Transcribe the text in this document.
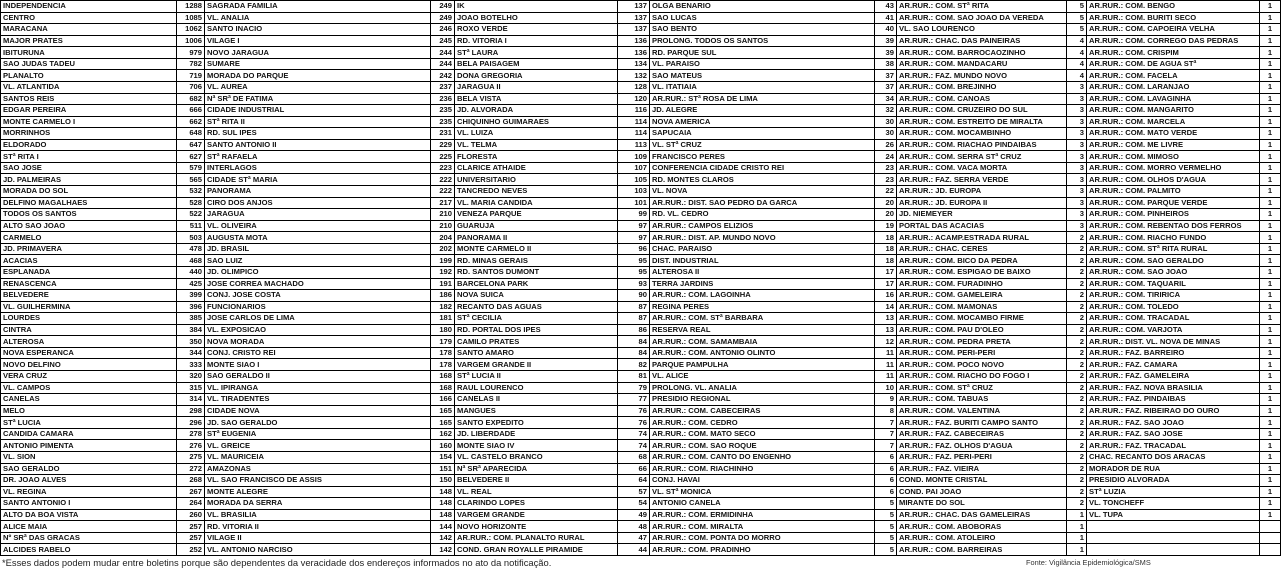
INDEPENDENCIA	1288	SAGRADA FAMILIA	249	IK	137	OLGA BENARIO	43	AR.RUR.: COM. STª RITA	5	AR.RUR.: COM. BENGO	1
CENTRO	1085	VL. ANALIA	249	JOAO BOTELHO	137	SAO LUCAS	41	AR.RUR.: COM. SAO JOAO DA VEREDA	5	AR.RUR.: COM. BURITI SECO	1
MARACANA	1062	SANTO INACIO	246	ROXO VERDE	137	SAO BENTO	40	VL. SAO LOURENCO	5	AR.RUR.: COM. CAPOEIRA VELHA	1
MAJOR PRATES	1006	VILAGE I	245	RD. VITORIA I	136	PROLONG. TODOS OS SANTOS	39	AR.RUR.: CHAC. DAS PAINEIRAS	4	AR.RUR.: COM. CORREGO DAS PEDRAS	1
IBITURUNA	979	NOVO JARAGUA	244	STª LAURA	136	RD. PARQUE SUL	39	AR.RUR.: COM. BARROCAOZINHO	4	AR.RUR.: COM. CRISPIM	1
SAO JUDAS TADEU	782	SUMARE	244	BELA PAISAGEM	134	VL. PARAISO	38	AR.RUR.: COM. MANDACARU	4	AR.RUR.: COM. DE AGUA STª	1
PLANALTO	719	MORADA DO PARQUE	242	DONA GREGORIA	132	SAO MATEUS	37	AR.RUR.: FAZ. MUNDO NOVO	4	AR.RUR.: COM. FACELA	1
VL. ATLANTIDA	706	VL. AUREA	237	JARAGUA II	128	VL. ITATIAIA	37	AR.RUR.: COM. BREJINHO	3	AR.RUR.: COM. LARANJAO	1
SANTOS REIS	682	Nª SRª DE FATIMA	236	BELA VISTA	120	AR.RUR.: STª ROSA DE LIMA	34	AR.RUR.: COM. CANOAS	3	AR.RUR.: COM. LAVAGINHA	1
EDGAR PEREIRA	666	CIDADE INDUSTRIAL	235	JD. ALVORADA	116	JD. ALEGRE	32	AR.RUR.: COM. CRUZEIRO DO SUL	3	AR.RUR.: COM. MANGARITO	1
MONTE CARMELO I	662	STª RITA II	235	CHIQUINHO GUIMARAES	114	NOVA AMERICA	30	AR.RUR.: COM. ESTREITO DE MIRALTA	3	AR.RUR.: COM. MARCELA	1
MORRINHOS	648	RD. SUL IPES	231	VL. LUIZA	114	SAPUCAIA	30	AR.RUR.: COM. MOCAMBINHO	3	AR.RUR.: COM. MATO VERDE	1
ELDORADO	647	SANTO ANTONIO II	229	VL. TELMA	113	VL. STª CRUZ	26	AR.RUR.: COM. RIACHAO PINDAIBAS	3	AR.RUR.: COM. ME LIVRE	1
STª RITA I	627	STª RAFAELA	225	FLORESTA	109	FRANCISCO PERES	24	AR.RUR.: COM. SERRA STª CRUZ	3	AR.RUR.: COM. MIMOSO	1
SAO JOSE	579	INTERLAGOS	223	CLARICE ATHAIDE	107	CONFERENCIA CIDADE CRISTO REI	23	AR.RUR.: COM. VACA MORTA	3	AR.RUR.: COM. MORRO VERMELHO	1
JD. PALMEIRAS	565	CIDADE STª MARIA	222	UNIVERSITARIO	105	RD. MONTES CLAROS	23	AR.RUR.: FAZ. SERRA VERDE	3	AR.RUR.: COM. OLHOS D'AGUA	1
MORADA DO SOL	532	PANORAMA	222	TANCREDO NEVES	103	VL. NOVA	22	AR.RUR.: JD. EUROPA	3	AR.RUR.: COM. PALMITO	1
DELFINO MAGALHAES	528	CIRO DOS ANJOS	217	VL. MARIA CANDIDA	101	AR.RUR.: DIST. SAO PEDRO DA GARCA	20	AR.RUR.: JD. EUROPA II	3	AR.RUR.: COM. PARQUE VERDE	1
TODOS OS SANTOS	522	JARAGUA	210	VENEZA PARQUE	99	RD. VL. CEDRO	20	JD. NIEMEYER	3	AR.RUR.: COM. PINHEIROS	1
ALTO SAO JOAO	511	VL. OLIVEIRA	210	GUARUJA	97	AR.RUR.: CAMPOS ELIZIOS	19	PORTAL DAS ACACIAS	3	AR.RUR.: COM. REBENTAO DOS FERROS	1
CARMELO	503	AUGUSTA MOTA	204	PANORAMA II	97	AR.RUR.: DIST. AP. MUNDO NOVO	18	AR.RUR.: ACAMP.ESTRADA RURAL	2	AR.RUR.: COM. RIACHO FUNDO	1
JD. PRIMAVERA	478	JD. BRASIL	202	MONTE CARMELO II	96	CHAC. PARAISO	18	AR.RUR.: CHAC. CERES	2	AR.RUR.: COM. STª RITA RURAL	1
ACACIAS	468	SAO LUIZ	199	RD. MINAS GERAIS	95	DIST. INDUSTRIAL	18	AR.RUR.: COM. BICO DA PEDRA	2	AR.RUR.: COM. SAO GERALDO	1
ESPLANADA	440	JD. OLIMPICO	192	RD. SANTOS DUMONT	95	ALTEROSA II	17	AR.RUR.: COM. ESPIGAO DE BAIXO	2	AR.RUR.: COM. SAO JOAO	1
RENASCENCA	425	JOSE CORREA MACHADO	191	BARCELONA PARK	93	TERRA JARDINS	17	AR.RUR.: COM. FURADINHO	2	AR.RUR.: COM. TAQUARIL	1
BELVEDERE	399	CONJ. JOSE COSTA	186	NOVA SUICA	90	AR.RUR.: COM. LAGOINHA	16	AR.RUR.: COM. GAMELEIRA	2	AR.RUR.: COM. TIRIRICA	1
VL. GUILHERMINA	396	FUNCIONARIOS	182	RECANTO DAS AGUAS	87	REGINA PERES	14	AR.RUR.: COM. MAMONAS	2	AR.RUR.: COM. TOLEDO	1
LOURDES	385	JOSE CARLOS DE LIMA	181	STª CECILIA	87	AR.RUR.: COM. STª BARBARA	13	AR.RUR.: COM. MOCAMBO FIRME	2	AR.RUR.: COM. TRACADAL	1
CINTRA	384	VL. EXPOSICAO	180	RD. PORTAL DOS IPES	86	RESERVA REAL	13	AR.RUR.: COM. PAU D'OLEO	2	AR.RUR.: COM. VARJOTA	1
ALTEROSA	350	NOVA MORADA	179	CAMILO PRATES	84	AR.RUR.: COM. SAMAMBAIA	12	AR.RUR.: COM. PEDRA PRETA	2	AR.RUR.: DIST. VL. NOVA DE MINAS	1
NOVA ESPERANCA	344	CONJ. CRISTO REI	178	SANTO AMARO	84	AR.RUR.: COM. ANTONIO OLINTO	11	AR.RUR.: COM. PERI-PERI	2	AR.RUR.: FAZ. BARREIRO	1
NOVO DELFINO	333	MONTE SIAO I	178	VARGEM GRANDE II	82	PARQUE PAMPULHA	11	AR.RUR.: COM. POCO NOVO	2	AR.RUR.: FAZ. CAMARA	1
VERA CRUZ	320	SAO GERALDO II	168	STª LUCIA II	81	VL. ALICE	11	AR.RUR.: COM. RIACHO DO FOGO I	2	AR.RUR.: FAZ. GAMELEIRA	1
VL. CAMPOS	315	VL. IPIRANGA	168	RAUL LOURENCO	79	PROLONG. VL. ANALIA	10	AR.RUR.: COM. STª CRUZ	2	AR.RUR.: FAZ. NOVA BRASILIA	1
CANELAS	314	VL. TIRADENTES	166	CANELAS II	77	PRESIDIO REGIONAL	9	AR.RUR.: COM. TABUAS	2	AR.RUR.: FAZ. PINDAIBAS	1
MELO	298	CIDADE NOVA	165	MANGUES	76	AR.RUR.: COM. CABECEIRAS	8	AR.RUR.: COM. VALENTINA	2	AR.RUR.: FAZ. RIBEIRAO DO OURO	1
STª LUCIA	296	JD. SAO GERALDO	165	SANTO EXPEDITO	76	AR.RUR.: COM. CEDRO	7	AR.RUR.: FAZ. BURITI CAMPO SANTO	2	AR.RUR.: FAZ. SAO JOAO	1
CANDIDA CAMARA	278	STª EUGENIA	162	JD. LIBERDADE	74	AR.RUR.: COM. MATO SECO	7	AR.RUR.: FAZ. CABECEIRAS	2	AR.RUR.: FAZ. SAO JOSE	1
ANTONIO PIMENTA	276	VL. GREICE	160	MONTE SIAO IV	74	AR.RUR.: COM. SAO ROQUE	7	AR.RUR.: FAZ. OLHOS D'AGUA	2	AR.RUR.: FAZ. TRACADAL	1
VL. SION	275	VL. MAURICEIA	154	VL. CASTELO BRANCO	68	AR.RUR.: COM. CANTO DO ENGENHO	6	AR.RUR.: FAZ. PERI-PERI	2	CHAC. RECANTO DOS ARACAS	1
SAO GERALDO	272	AMAZONAS	151	Nª SRª APARECIDA	66	AR.RUR.: COM. RIACHINHO	6	AR.RUR.: FAZ. VIEIRA	2	MORADOR DE RUA	1
DR. JOAO ALVES	268	VL. SAO FRANCISCO DE ASSIS	150	BELVEDERE II	64	CONJ. HAVAI	6	COND. MONTE CRISTAL	2	PRESIDIO ALVORADA	1
VL. REGINA	267	MONTE ALEGRE	148	VL. REAL	57	VL. STª MONICA	6	COND. PAI JOAO	2	STª LUZIA	1
SANTO ANTONIO I	264	MORADA DA SERRA	148	CLARINDO LOPES	54	ANTONIO CANELA	5	MIRANTE DO SOL	2	VL. TONCHEFF	1
ALTO DA BOA VISTA	260	VL. BRASILIA	148	VARGEM GRANDE	49	AR.RUR.: COM. ERMIDINHA	5	AR.RUR.: CHAC. DAS GAMELEIRAS	1	VL. TUPA	1
ALICE MAIA	257	RD. VITORIA II	144	NOVO HORIZONTE	48	AR.RUR.: COM. MIRALTA	5	AR.RUR.: COM. ABOBORAS	1		
Nº SRª DAS GRACAS	257	VILAGE II	142	AR.RUR.: COM. PLANALTO RURAL	47	AR.RUR.: COM. PONTA DO MORRO	5	AR.RUR.: COM. ATOLEIRO	1		
ALCIDES RABELO	252	VL. ANTONIO NARCISO	142	COND. GRAN ROYALLE PIRAMIDE	44	AR.RUR.: COM. PRADINHO	5	AR.RUR.: COM. BARREIRAS	1		
*Esses dados podem mudar entre boletins porque são dependentes da veracidade dos endereços informados no ato da notificação.	Fonte: Vigilância Epidemiológica/SMS
